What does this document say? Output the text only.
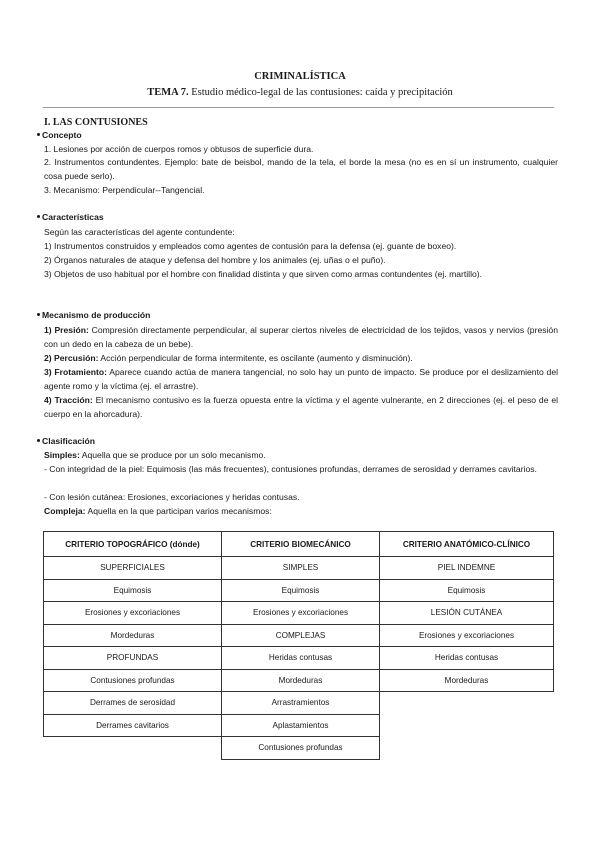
CRIMINALÍSTICA
TEMA 7. Estudio médico-legal de las contusiones: caída y precipitación
I. LAS CONTUSIONES
Concepto
1. Lesiones por acción de cuerpos romos y obtusos de superficie dura.
2. Instrumentos contundentes. Ejemplo: bate de beisbol, mando de la tela, el borde la mesa (no es en sí un instrumento, cualquier cosa puede serlo).
3. Mecanismo: Perpendicular--Tangencial.
Características
Según las características del agente contundente:
1) Instrumentos construidos y empleados como agentes de contusión para la defensa (ej. guante de boxeo).
2) Órganos naturales de ataque y defensa del hombre y los animales (ej. uñas o el puño).
3) Objetos de uso habitual por el hombre con finalidad distinta y que sirven como armas contundentes (ej. martillo).
Mecanismo de producción
1) Presión: Compresión directamente perpendicular, al superar ciertos niveles de electricidad de los tejidos, vasos y nervios (presión con un dedo en la cabeza de un bebe).
2) Percusión: Acción perpendicular de forma intermitente, es oscilante (aumento y disminución).
3) Frotamiento: Aparece cuando actúa de manera tangencial, no solo hay un punto de impacto. Se produce por el deslizamiento del agente romo y la víctima (ej. el arrastre).
4) Tracción: El mecanismo contusivo es la fuerza opuesta entre la víctima y el agente vulnerante, en 2 direcciones (ej. el peso de el cuerpo en la ahorcadura).
Clasificación
Simples: Aquella que se produce por un solo mecanismo.
- Con integridad de la piel: Equimosis (las más frecuentes), contusiones profundas, derrames de serosidad y derrames cavitarios.
- Con lesión cutánea: Erosiones, excoriaciones y heridas contusas.
Compleja: Aquella en la que participan varios mecanismos:
CRITERIO TOPOGRÁFICO (dónde)	CRITERIO BIOMECÁNICO	CRITERIO ANATÓMICO-CLÍNICO
SUPERFICIALES	SIMPLES	PIEL INDEMNE
Equimosis	Equimosis	Equimosis
Erosiones y excoriaciones	Erosiones y excoriaciones	LESIÓN CUTÁNEA
Mordeduras	COMPLEJAS	Erosiones y excoriaciones
PROFUNDAS	Heridas contusas	Heridas contusas
Contusiones profundas	Mordeduras	Mordeduras
Derrames de serosidad	Arrastramientos	
Derrames cavitarios	Aplastamientos	
	Contusiones profundas	
